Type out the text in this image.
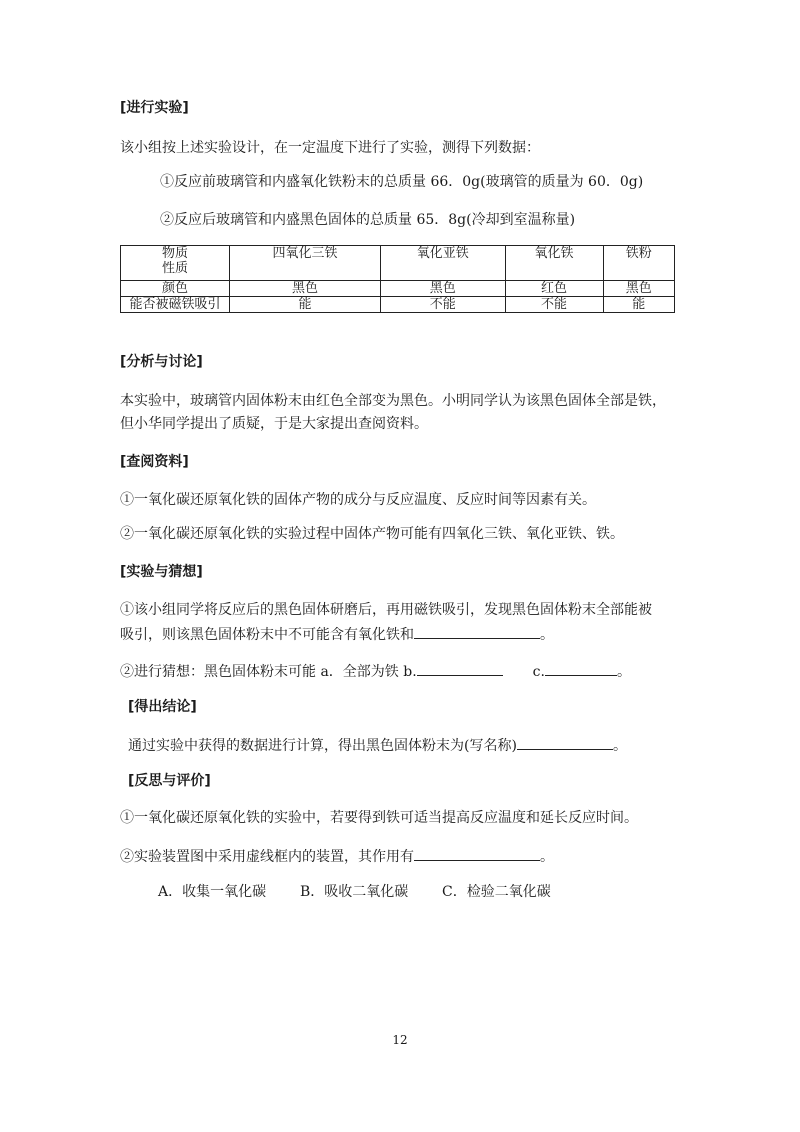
[进行实验]
该小组按上述实验设计，在一定温度下进行了实验，测得下列数据：
①反应前玻璃管和内盛氧化铁粉末的总质量 66．0g(玻璃管的质量为 60．0g)
②反应后玻璃管和内盛黑色固体的总质量 65．8g(冷却到室温称量)
物质
性质	四氧化三铁	氧化亚铁	氧化铁	铁粉
颜色	黑色	黑色	红色	黑色
能否被磁铁吸引	能	不能	不能	能
[分析与讨论]
本实验中，玻璃管内固体粉末由红色全部变为黑色。小明同学认为该黑色固体全部是铁，
但小华同学提出了质疑，于是大家提出查阅资料。
[查阅资料]
①一氧化碳还原氧化铁的固体产物的成分与反应温度、反应时间等因素有关。
②一氧化碳还原氧化铁的实验过程中固体产物可能有四氧化三铁、氧化亚铁、铁。
[实验与猜想]
①该小组同学将反应后的黑色固体研磨后，再用磁铁吸引，发现黑色固体粉末全部能被
吸引，则该黑色固体粉末中不可能含有氧化铁和	。
②进行猜想：黑色固体粉末可能 a．全部为铁 b.	c.	。
[得出结论]
通过实验中获得的数据进行计算，得出黑色固体粉末为(写名称)	。
[反思与评价]
①一氧化碳还原氧化铁的实验中，若要得到铁可适当提高反应温度和延长反应时间。
②实验装置图中采用虚线框内的装置，其作用有	。
A．收集一氧化碳 B．吸收二氧化碳 C．检验二氧化碳
12
